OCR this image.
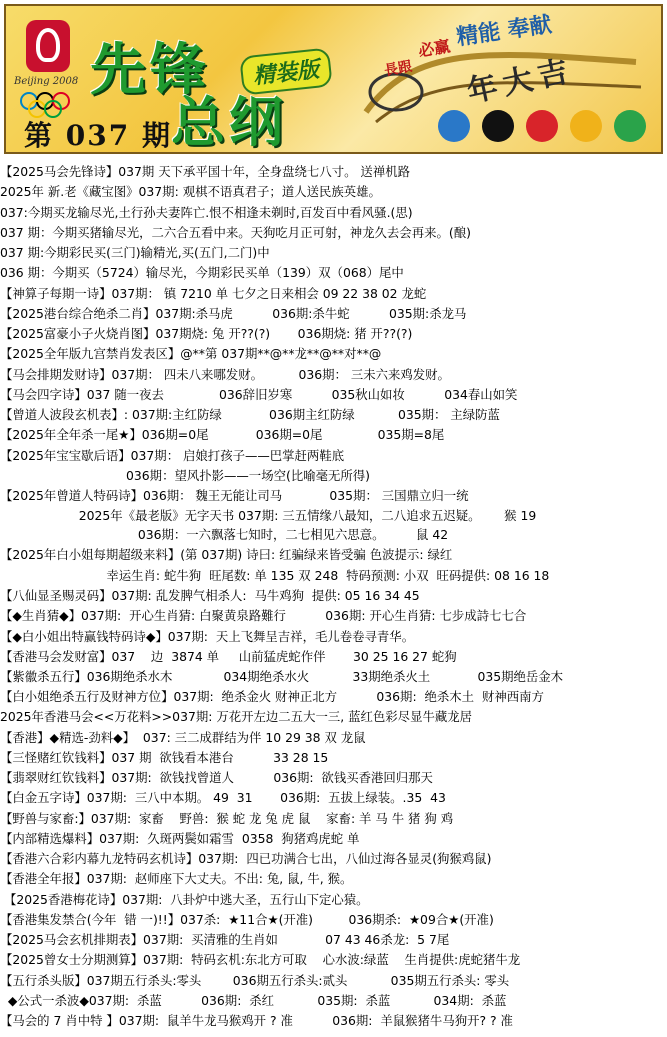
Beijing 2008 先锋	精装版
总纲
第 037 期
必赢 精能 奉献
長跟 年大吉
【2025马会先锋诗】037期 天下承平国十年，全身盘绕七八寸。 送禅机路
2025年 新.老《藏宝图》037期: 观棋不语真君子；道人送民族英雄。
037:今期买龙输尽光,土行孙夫妻阵亡.恨不相逢未剃时,百发百中看风骚.(思)
037 期：今期买猪输尽光，二六合五看中来。天狗吃月正可射，神龙久去会再来。(酿)
037 期:今期彩民买(三门)输精光,买(五门,二门)中
036 期：今期买（5724）输尽光，今期彩民买单（139）双（068）尾中
【神算子每期一诗】037期： 镇 7210 单 七夕之日来相会 09 22 38 02 龙蛇
【2025港台综合绝杀二肖】037期:杀马虎          036期:杀牛蛇          035期:杀龙马
【2025富豪小子火烧肖图】037期烧: 兔 开??(?)       036期烧: 猪 开??(?)
【2025全年版九宫禁肖发表区】@**第 037期**@**龙**@**对**@
【马会排期发财诗】037期： 四未八来哪发财。         036期： 三未六来鸡发财。
【马会四字诗】037 随一夜去              036辞旧岁寒          035秋山如妆          034春山如笑
【曾道人波段玄机表】: 037期:主红防绿            036期主红防绿           035期： 主绿防蓝
【2025年全年杀一尾★】036期=0尾            036期=0尾              035期=8尾
【2025年宝宝歇后语】037期： 启娘打孩子——巴掌赶两鞋底
036期：望风扑影——一场空(比喻毫无所得)
【2025年曾道人特码诗】036期： 魏王无能让司马            035期： 三国鼎立归一统
2025年《最老版》无字天书 037期: 三五情缘八最知，二八追求五迟疑。      猴 19
036期：一六飘落七知时，二七相见六思意。        鼠 42
【2025年白小姐每期超级来料】(第 037期) 诗曰: 红骗绿来皆受骗 色波提示: 绿红
幸运生肖: 蛇牛狗  旺尾数: 单 135 双 248  特码预测: 小双  旺码提供: 08 16 18
【八仙显圣赐灵码】037期: 乱发脾气相杀人:  马牛鸡狗  提供: 05 16 34 45
【◆生肖猜◆】037期:  开心生肖猜: 白聚黄泉路難行          036期: 开心生肖猜: 七步成詩七七合
【◆白小姐出特赢钱特码诗◆】037期:  天上飞舞呈吉祥，毛儿卷卷寻青华。
【香港马会发财富】037    边  3874 单     山前猛虎蛇作伴       30 25 16 27 蛇狗
【紫徽杀五行】036期绝杀水木             034期绝杀水火           33期绝杀火土            035期绝岳金木
【白小姐绝杀五行及财神方位】037期:  绝杀金火 财神正北方          036期:  绝杀木土  财神西南方
2025年香港马会<<万花料>>037期: 万花开左边二五大一三, 蓝红色彩尽显牛藏龙居
【香港】◆精选-劲料◆】  037: 三二成群结为伴 10 29 38 双 龙鼠
【三怪赌红钦钱料】037 期  欲钱看本港台          33 28 15
【翡翠财红钦钱料】037期:  欲钱找曾道人          036期:  欲钱买香港回归那天
【白金五字诗】037期:  三八中本期。 49  31       036期:  五拔上绿装。.35  43
【野兽与家畜:】037期:  家畜    野兽:  猴 蛇 龙 兔 虎 鼠    家畜: 羊 马 牛 猪 狗 鸡
【内部精选爆料】037期:  久斑两鬓如霜雪  0358  狗猪鸡虎蛇 单
【香港六合彩内幕九龙特码玄机诗】037期:  四已功满合七出，八仙过海各显灵(狗猴鸡鼠)
【香港全年报】037期:  赵师座下大丈夫。不出: 兔, 鼠, 牛, 猴。
【2025香港梅花诗】037期:  八卦炉中逃大圣，五行山下定心猿。
【香港集发禁合(今年  错 一)!!】037杀:  ★11合★(开准)         036期杀:  ★09合★(开准)
【2025马会玄机排期表】037期:  买清雅的生肖如            07 43 46杀龙:  5 7尾
【2025曾女士分期测算】037期:  特码玄机:东北方可取    心水波:绿蓝    生肖提供:虎蛇猪牛龙
【五行杀头版】037期五行杀头:零头        036期五行杀头:贰头           035期五行杀头: 零头
◆公式一杀波◆037期:  杀蓝          036期:  杀红           035期:  杀蓝           034期:  杀蓝
【马会的 7 肖中特 】037期:  鼠羊牛龙马猴鸡开 ? 准          036期:  羊鼠猴猪牛马狗开? ? 准
